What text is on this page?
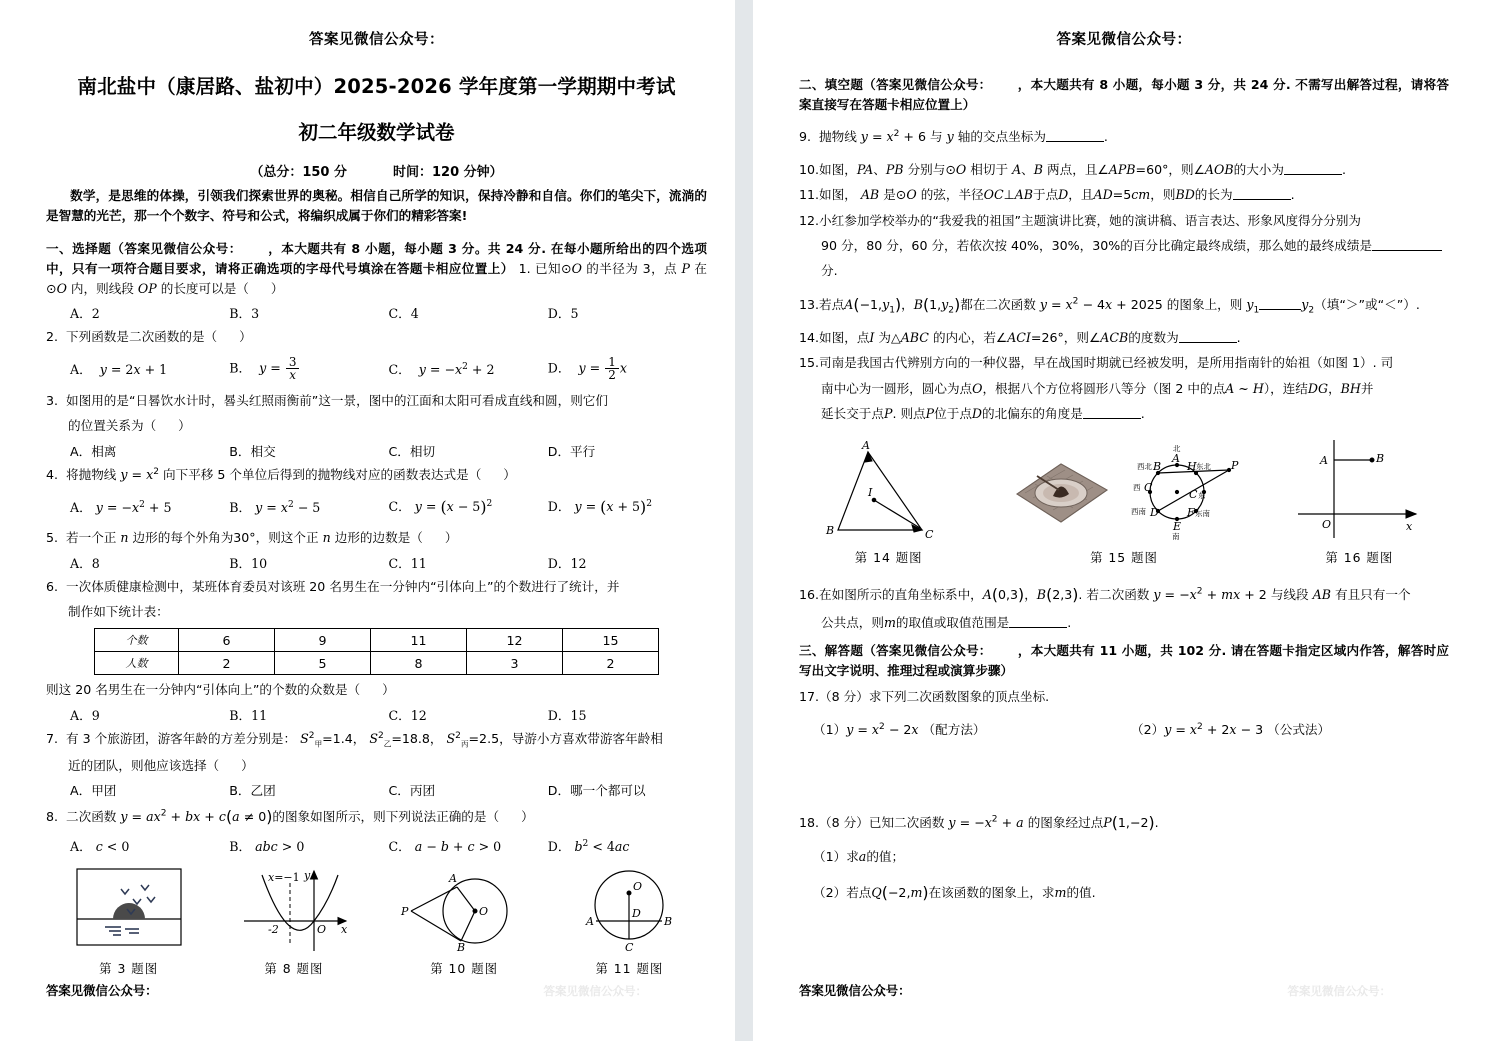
答案见微信公众号：
南北盐中（康居路、盐初中）2025-2026 学年度第一学期期中考试
初二年级数学试卷
（总分：150 分	时间：120 分钟）
数学，是思维的体操，引领我们探索世界的奥秘。相信自己所学的知识，保持冷静和自信。你们的笔尖下，流淌的是智慧的光芒，那一个个数字、符号和公式，将编织成属于你们的精彩答案!
一、选择题（答案见微信公众号： ，本大题共有 8 小题，每小题 3 分。共 24 分. 在每小题所给出的四个选项中，只有一项符合题目要求，请将正确选项的字母代号填涂在答题卡相应位置上） 1. 已知⊙O 的半径为 3，点 P 在⊙O 内，则线段 OP 的长度可以是（ ）
A．2	B．3	C．4	D．5
2. 下列函数是二次函数的是（ ）
A． y = 2x + 1	B． $y = \frac{3}{x}$	C． $y = -x^2 + 2$	D． $y = \frac{1}{2}$ x
3. 如图用的是“日晷饮水计时，晷头红照雨衡前”这一景，图中的江面和太阳可看成直线和圆，则它们
的位置关系为（ ）
A．相离	B．相交	C．相切	D．平行
4. 将抛物线 $y = x^2$ 向下平移 5 个单位后得到的抛物线对应的函数表达式是（ ）
A． $y = -x^2 + 5$	B． $y = x^2 - 5$	C． $y = (x - 5)^2$	D． $y = (x + 5)^2$
5. 若一个正 n 边形的每个外角为30°，则这个正 n 边形的边数是（ ）
A．8	B．10	C．11	D．12
6. 一次体质健康检测中，某班体育委员对该班 20 名男生在一分钟内“引体向上”的个数进行了统计，并
制作如下统计表：
个数	6	9	11	12	15
人数	2	5	8	3	2
则这 20 名男生在一分钟内“引体向上”的个数的众数是（ ）
A．9	B．11	C．12	D．15
7. 有 3 个旅游团，游客年龄的方差分别是： $S^2_甲=1.4$， $S^2_乙=18.8$， $S^2_丙=2.5$，导游小方喜欢带游客年龄相
近的团队，则他应该选择（ ）
A．甲团	B．乙团	C．丙团	D．哪一个都可以
8. 二次函数 $y = ax^2$ + bx + c(a ≠ 0)的图象如图所示，则下列说法正确的是（ ）
A． c < 0	B． abc > 0	C． a − b + c > 0	D． $b^2 < 4ac$
第 3 题图
x=−1
-2	O x
y
第 8 题图
A
B
O
P
第 10 题图
O
D
A	B
C
第 11 题图
答案见微信公众号：	答案见微信公众号：
答案见微信公众号：
二、填空题（答案见微信公众号： ，本大题共有 8 小题，每小题 3 分，共 24 分. 不需写出解答过程，请将答案直接写在答题卡相应位置上）
9. 抛物线 $y = x^2 + 6$ 与 y 轴的交点坐标为	.
10.如图，PA、PB 分别与⊙O 相切于 A、B 两点，且∠APB=60°，则∠AOB的大小为	.
11.如图， AB 是⊙O 的弦，半径OC⊥AB于点D，且AD=5cm，则BD的长为	.
12.小红参加学校举办的“我爱我的祖国”主题演讲比赛，她的演讲稿、语言表达、形象风度得分分别为
90 分，80 分，60 分，若依次按 40%，30%，30%的百分比确定最终成绩，那么她的最终成绩是
分.
13.若点$A(-1,y_1)$，$B(1,y_2)$都在二次函数 $y = x^2 - 4x + 2025$ 的图象上，则 $y_1$	$y_2$（填“＞”或“＜”）.
14.如图，点I 为△ABC 的内心，若∠ACI=26°，则∠ACB的度数为	.
15.司南是我国古代辨别方向的一种仪器，早在战国时期就已经被发明，是所用指南针的始祖（如图 1）. 司
南中心为一圆形，圆心为点O，根据八个方位将圆形八等分（图 2 中的点A ~ H），连结DG，BH并
延长交于点P. 则点P位于点D的北偏东的角度是	.
A
B	C
I
第 14 题图
北
A
西北 B H 东北
西 C
C 东
西南 D	F 东南
E
南
P
第 15 题图
A	B
O	x
第 16 题图
16.在如图所示的直角坐标系中，A(0,3)，B(2,3). 若二次函数 $y = -x^2$ + mx + 2 与线段 AB 有且只有一个
公共点，则m的取值或取值范围是	.
三、解答题（答案见微信公众号： ，本大题共有 11 小题，共 102 分. 请在答题卡指定区域内作答，解答时应写出文字说明、推理过程或演算步骤）
17.（8 分）求下列二次函数图象的顶点坐标.
$(1)y = x^2 - 2x$ （配方法）	$(2)y = x^2 + 2x - 3$ （公式法）
18.（8 分）已知二次函数 $y = -x^2 + a$ 的图象经过点P(1,−2).
（1）求a的值；
（2）若点Q(−2,m)在该函数的图象上，求m的值.
答案见微信公众号：	答案见微信公众号：
